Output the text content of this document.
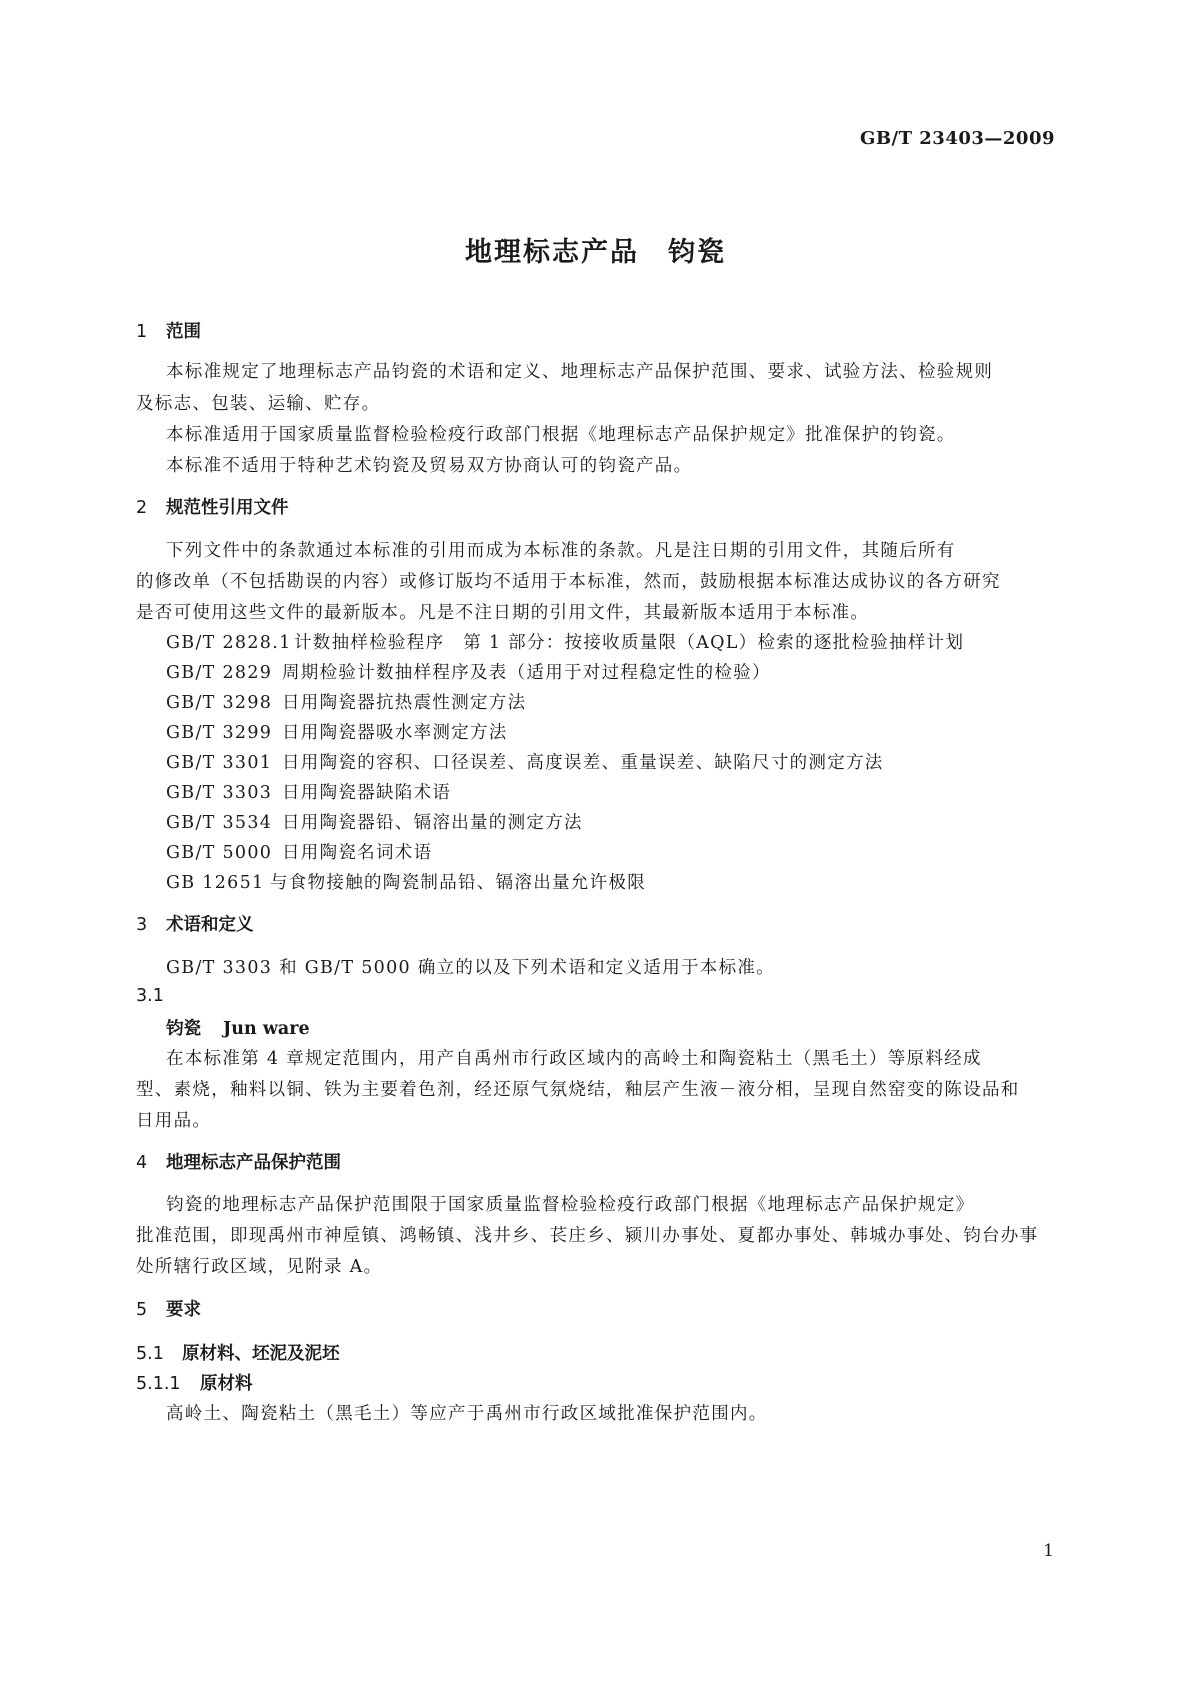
GB/T 23403—2009
地理标志产品　钧瓷
1 范围
本标准规定了地理标志产品钧瓷的术语和定义、地理标志产品保护范围、要求、试验方法、检验规则
及标志、包装、运输、贮存。
本标准适用于国家质量监督检验检疫行政部门根据《地理标志产品保护规定》批准保护的钧瓷。
本标准不适用于特种艺术钧瓷及贸易双方协商认可的钧瓷产品。
2 规范性引用文件
下列文件中的条款通过本标准的引用而成为本标准的条款。凡是注日期的引用文件，其随后所有
的修改单（不包括勘误的内容）或修订版均不适用于本标准，然而，鼓励根据本标准达成协议的各方研究
是否可使用这些文件的最新版本。凡是不注日期的引用文件，其最新版本适用于本标准。
GB/T 2828.1 计数抽样检验程序　第 1 部分：按接收质量限（AQL）检索的逐批检验抽样计划
GB/T 2829 周期检验计数抽样程序及表（适用于对过程稳定性的检验）
GB/T 3298 日用陶瓷器抗热震性测定方法
GB/T 3299 日用陶瓷器吸水率测定方法
GB/T 3301 日用陶瓷的容积、口径误差、高度误差、重量误差、缺陷尺寸的测定方法
GB/T 3303 日用陶瓷器缺陷术语
GB/T 3534 日用陶瓷器铅、镉溶出量的测定方法
GB/T 5000 日用陶瓷名词术语
GB 12651 与食物接触的陶瓷制品铅、镉溶出量允许极限
3 术语和定义
GB/T 3303 和 GB/T 5000 确立的以及下列术语和定义适用于本标准。
3.1
钧瓷 Jun ware
在本标准第 4 章规定范围内，用产自禹州市行政区域内的高岭土和陶瓷粘土（黑毛土）等原料经成
型、素烧，釉料以铜、铁为主要着色剂，经还原气氛烧结，釉层产生液－液分相，呈现自然窑变的陈设品和
日用品。
4 地理标志产品保护范围
钧瓷的地理标志产品保护范围限于国家质量监督检验检疫行政部门根据《地理标志产品保护规定》
批准范围，即现禹州市神垕镇、鸿畅镇、浅井乡、苌庄乡、颍川办事处、夏都办事处、韩城办事处、钧台办事
处所辖行政区域，见附录 A。
5 要求
5.1 原材料、坯泥及泥坯
5.1.1 原材料
高岭土、陶瓷粘土（黑毛土）等应产于禹州市行政区域批准保护范围内。
1
